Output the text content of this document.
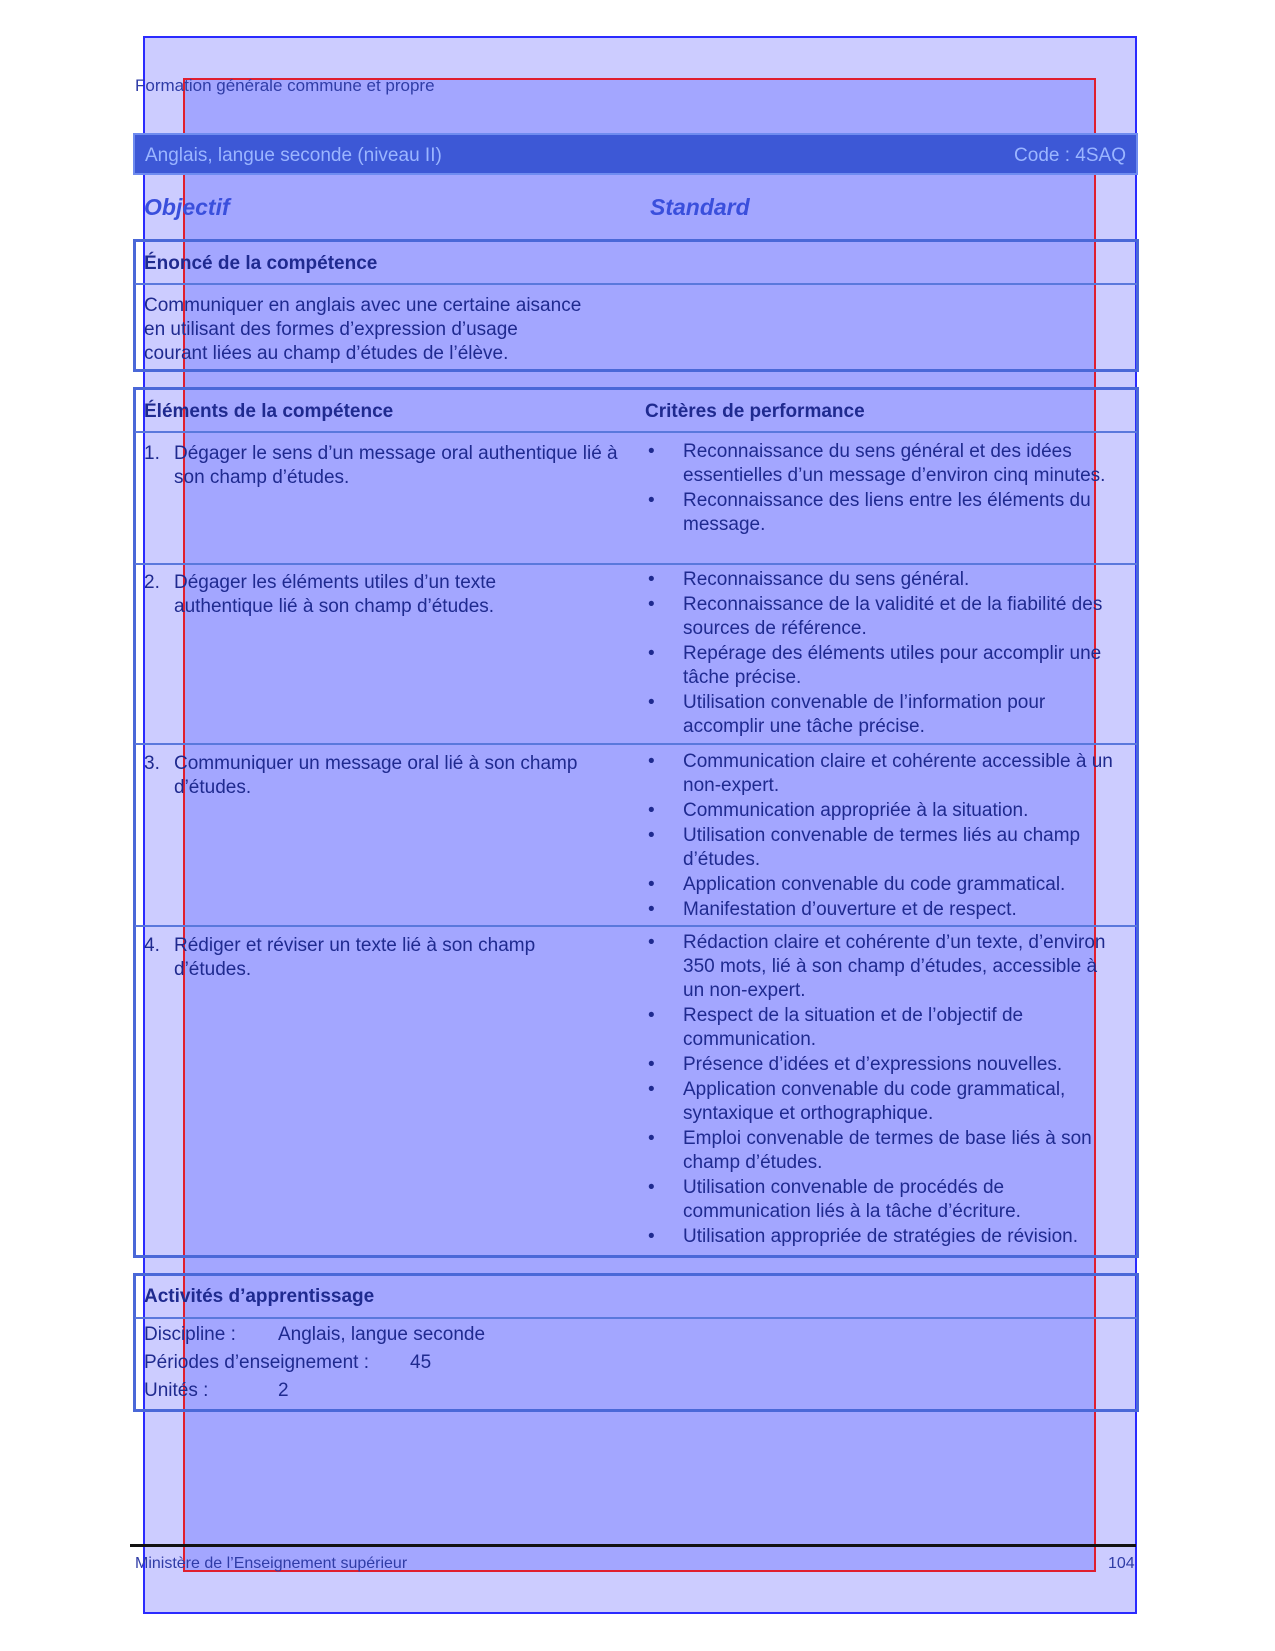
Formation générale commune et propre
Anglais, langue seconde (niveau II)	Code : 4SAQ
Objectif	Standard
Énoncé de la compétence
Communiquer en anglais avec une certaine aisance
en utilisant des formes d’expression d’usage
courant liées au champ d’études de l’élève.
Éléments de la compétence	Critères de performance
1. Dégager le sens d’un message oral authentique lié à son champ d’études.
• Reconnaissance du sens général et des idées essentielles d’un message d’environ cinq minutes.
• Reconnaissance des liens entre les éléments du message.
2. Dégager les éléments utiles d’un texte authentique lié à son champ d’études.
• Reconnaissance du sens général.
• Reconnaissance de la validité et de la fiabilité des sources de référence.
• Repérage des éléments utiles pour accomplir une tâche précise.
• Utilisation convenable de l’information pour accomplir une tâche précise.
3. Communiquer un message oral lié à son champ d’études.
• Communication claire et cohérente accessible à un non-expert.
• Communication appropriée à la situation.
• Utilisation convenable de termes liés au champ d’études.
• Application convenable du code grammatical.
• Manifestation d’ouverture et de respect.
4. Rédiger et réviser un texte lié à son champ d’études.
• Rédaction claire et cohérente d’un texte, d’environ 350 mots, lié à son champ d’études, accessible à un non-expert.
• Respect de la situation et de l’objectif de communication.
• Présence d’idées et d’expressions nouvelles.
• Application convenable du code grammatical, syntaxique et orthographique.
• Emploi convenable de termes de base liés à son champ d’études.
• Utilisation convenable de procédés de communication liés à la tâche d’écriture.
• Utilisation appropriée de stratégies de révision.
Activités d’apprentissage
Discipline : Anglais, langue seconde
Périodes d’enseignement : 45
Unités :	2
Ministère de l’Enseignement supérieur	104
